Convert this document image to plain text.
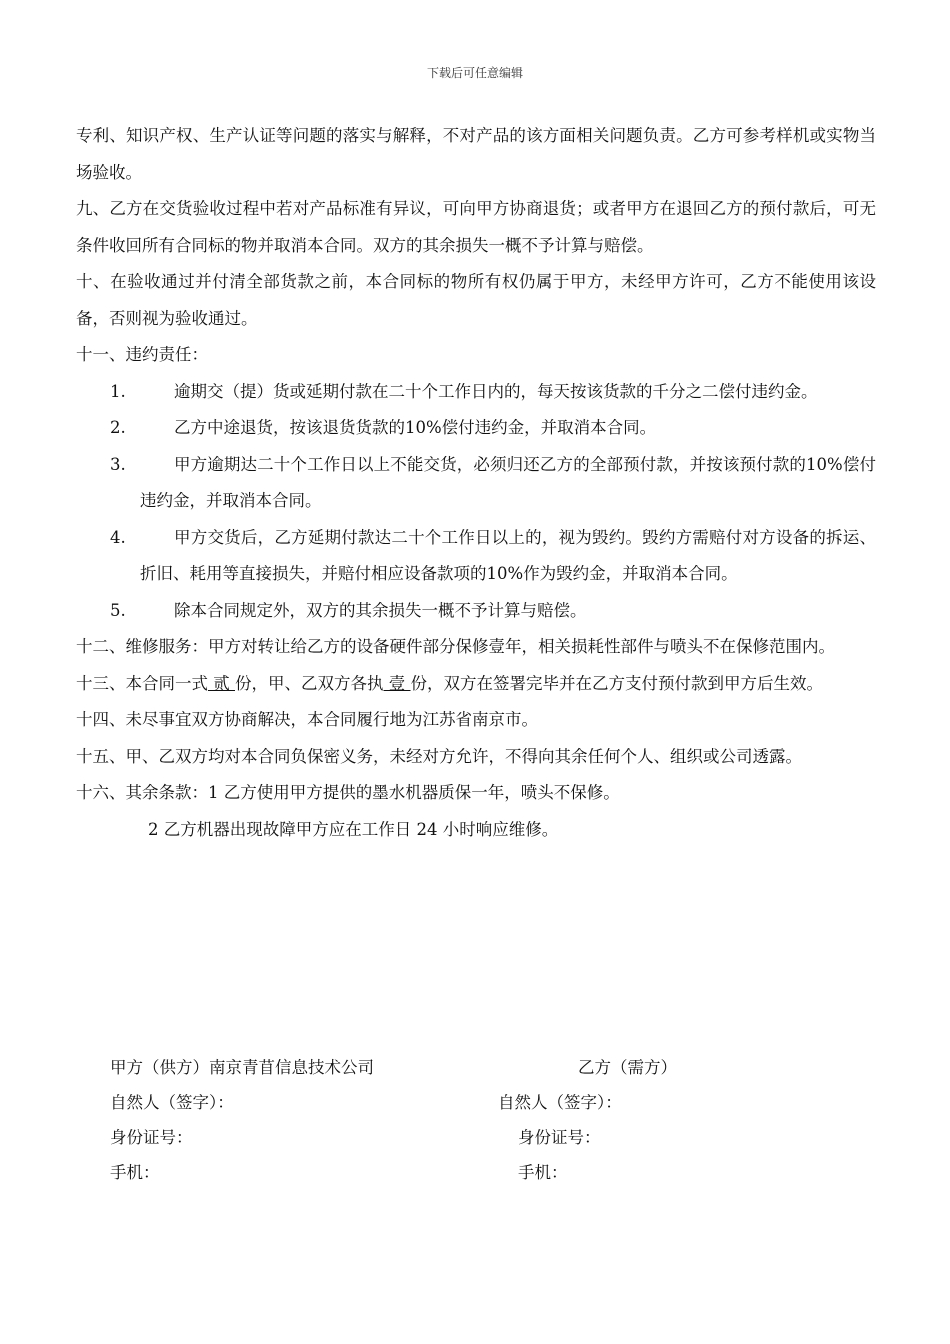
下载后可任意编辑

专利、知识产权、生产认证等问题的落实与解释，不对产品的该方面相关问题负责。乙方可参考样机或实物当场验收。

九、乙方在交货验收过程中若对产品标准有异议，可向甲方协商退货；或者甲方在退回乙方的预付款后，可无条件收回所有合同标的物并取消本合同。双方的其余损失一概不予计算与赔偿。

十、在验收通过并付清全部货款之前，本合同标的物所有权仍属于甲方，未经甲方许可，乙方不能使用该设备，否则视为验收通过。

十一、违约责任：

1.	逾期交（提）货或延期付款在二十个工作日内的，每天按该货款的千分之二偿付违约金。
2.	乙方中途退货，按该退货货款的10%偿付违约金，并取消本合同。
3.	甲方逾期达二十个工作日以上不能交货，必须归还乙方的全部预付款，并按该预付款的10%偿付违约金，并取消本合同。
4.	甲方交货后，乙方延期付款达二十个工作日以上的，视为毁约。毁约方需赔付对方设备的拆运、折旧、耗用等直接损失，并赔付相应设备款项的10%作为毁约金，并取消本合同。
5.	除本合同规定外，双方的其余损失一概不予计算与赔偿。

十二、维修服务：甲方对转让给乙方的设备硬件部分保修壹年，相关损耗性部件与喷头不在保修范围内。

十三、本合同一式 贰 份，甲、乙双方各执 壹 份，双方在签署完毕并在乙方支付预付款到甲方后生效。

十四、未尽事宜双方协商解决，本合同履行地为江苏省南京市。

十五、甲、乙双方均对本合同负保密义务，未经对方允许，不得向其余任何个人、组织或公司透露。

十六、其余条款：1 乙方使用甲方提供的墨水机器质保一年，喷头不保修。

2 乙方机器出现故障甲方应在工作日 24 小时响应维修。

甲方（供方）南京青苜信息技术公司	乙方（需方）
自然人（签字）：	自然人（签字）：
身份证号：	身份证号：
手机：	手机：
